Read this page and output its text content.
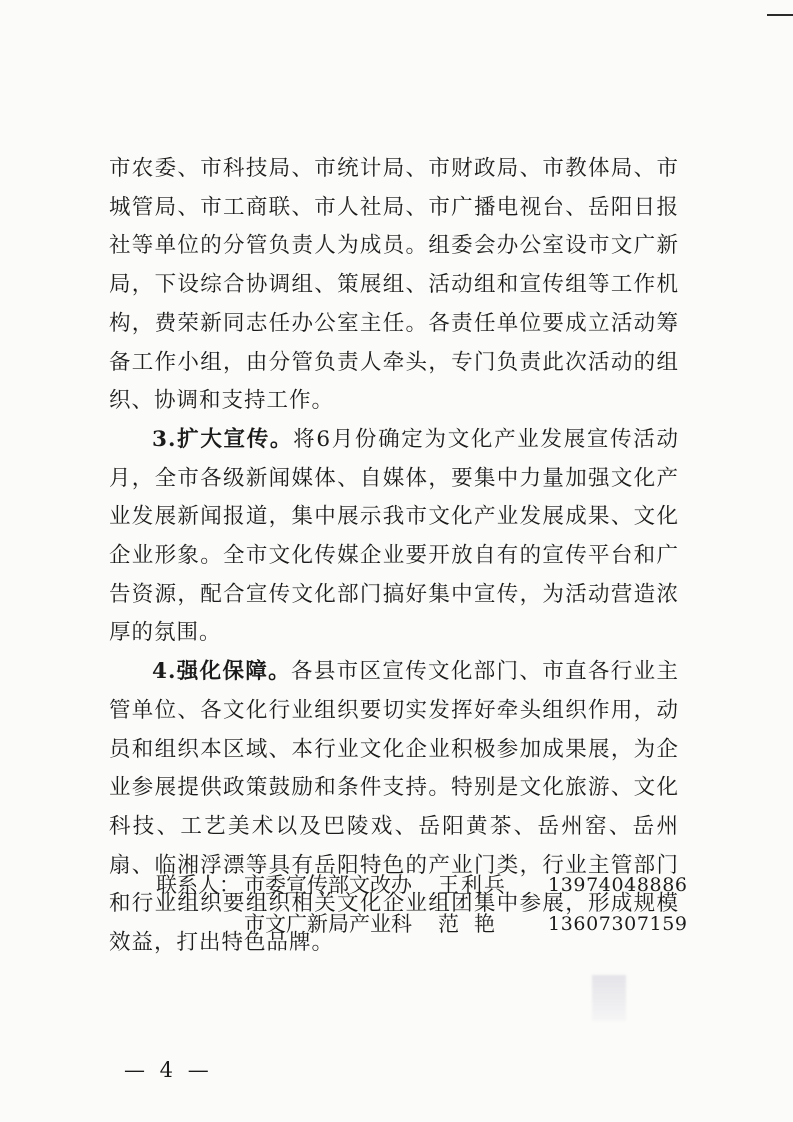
市农委、市科技局、市统计局、市财政局、市教体局、市城管局、市工商联、市人社局、市广播电视台、岳阳日报社等单位的分管负责人为成员。组委会办公室设市文广新局，下设综合协调组、策展组、活动组和宣传组等工作机构，费荣新同志任办公室主任。各责任单位要成立活动筹备工作小组，由分管负责人牵头，专门负责此次活动的组织、协调和支持工作。

3.扩大宣传。将6月份确定为文化产业发展宣传活动月，全市各级新闻媒体、自媒体，要集中力量加强文化产业发展新闻报道，集中展示我市文化产业发展成果、文化企业形象。全市文化传媒企业要开放自有的宣传平台和广告资源，配合宣传文化部门搞好集中宣传，为活动营造浓厚的氛围。

4.强化保障。各县市区宣传文化部门、市直各行业主管单位、各文化行业组织要切实发挥好牵头组织作用，动员和组织本区域、本行业文化企业积极参加成果展，为企业参展提供政策鼓励和条件支持。特别是文化旅游、文化科技、工艺美术以及巴陵戏、岳阳黄茶、岳州窑、岳州扇、临湘浮漂等具有岳阳特色的产业门类，行业主管部门和行业组织要组织相关文化企业组团集中参展，形成规模效益，打出特色品牌。

联系人： 市委宣传部文改办 王利兵 13974048886
市文广新局产业科 范艳 13607307159
— 4 —
